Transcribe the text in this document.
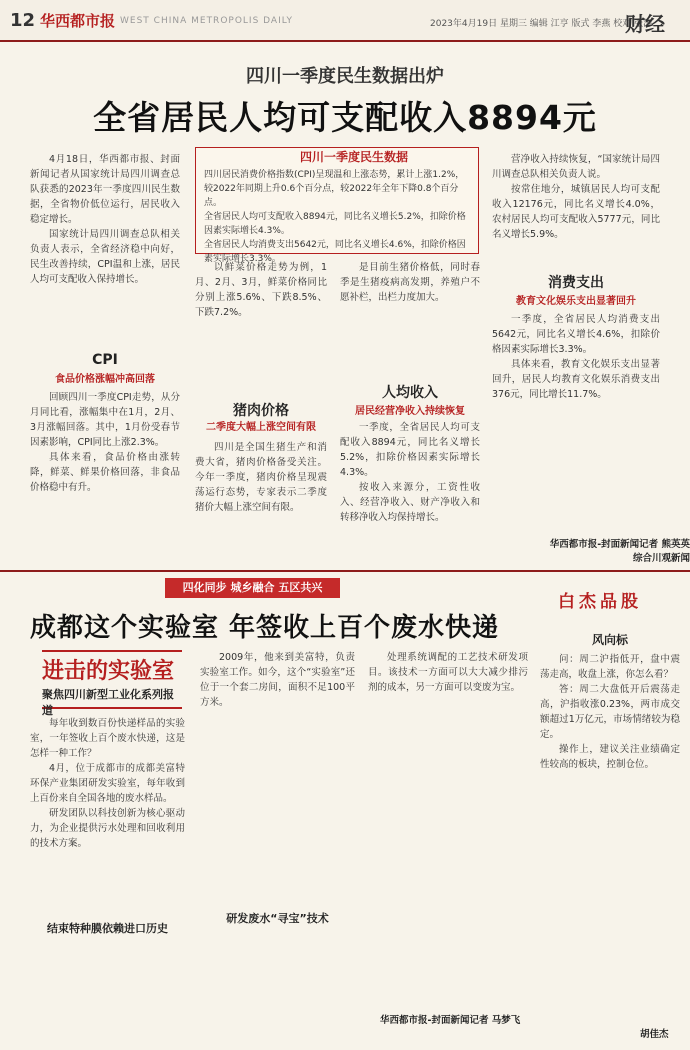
12 华西都市报 WEST CHINA METROPOLIS DAILY	2023年4月19日 星期三 编辑 江亨 版式 李燕 校对 张涛
财经
四川一季度民生数据出炉
全省居民人均可支配收入8894元

4月18日，华西都市报、封面新闻记者从国家统计局四川调查总队获悉的2023年一季度四川民生数据，全省物价低位运行，居民收入稳定增长。

国家统计局四川调查总队相关负责人表示，全省经济稳中向好，民生改善持续，CPI温和上涨，居民人均可支配收入保持增长。

四川一季度民生数据
四川居民消费价格指数(CPI)呈现温和上涨态势，累计上涨1.2%，较2022年同期上升0.6个百分点，较2022年全年下降0.8个百分点。
全省居民人均可支配收入8894元，同比名义增长5.2%，扣除价格因素实际增长4.3%。
全省居民人均消费支出5642元，同比名义增长4.6%，扣除价格因素实际增长3.3%。

营净收入持续恢复，“国家统计局四川调查总队相关负责人说。

按常住地分，城镇居民人均可支配收入12176元，同比名义增长4.0%，农村居民人均可支配收入5777元，同比名义增长5.9%。

CPI
食品价格涨幅冲高回落

回顾四川一季度CPI走势，从分月同比看，涨幅集中在1月，2月、3月涨幅回落。其中，1月份受春节因素影响，CPI同比上涨2.3%。

具体来看，食品价格由涨转降，鲜菜、鲜果价格回落，非食品价格稳中有升。

以鲜菜价格走势为例，1月、2月、3月，鲜菜价格同比分别上涨5.6%、下跌8.5%、下跌7.2%。

猪肉价格
二季度大幅上涨空间有限

四川是全国生猪生产和消费大省，猪肉价格备受关注。今年一季度，猪肉价格呈现震荡运行态势，专家表示二季度猪价大幅上涨空间有限。

是目前生猪价格低，同时春季是生猪疫病高发期，养殖户不愿补栏，出栏力度加大。

人均收入
居民经营净收入持续恢复

一季度，全省居民人均可支配收入8894元，同比名义增长5.2%，扣除价格因素实际增长4.3%。

按收入来源分，工资性收入、经营净收入、财产净收入和转移净收入均保持增长。

消费支出
教育文化娱乐支出显著回升

一季度，全省居民人均消费支出5642元，同比名义增长4.6%，扣除价格因素实际增长3.3%。

具体来看，教育文化娱乐支出显著回升，居民人均教育文化娱乐消费支出376元，同比增长11.7%。

华西都市报-封面新闻记者 熊英英
综合川观新闻
四化同步 城乡融合 五区共兴
成都这个实验室 年签收上百个废水快递
进击的实验室
聚焦四川新型工业化系列报道

每年收到数百份快递样品的实验室，一年签收上百个废水快递，这是怎样一种工作？

4月，位于成都市的成都美富特环保产业集团研发实验室，每年收到上百份来自全国各地的废水样品。

研发团队以科技创新为核心驱动力，为企业提供污水处理和回收利用的技术方案。

结束特种膜依赖进口历史

2009年，他来到美富特，负责实验室工作。如今，这个“实验室”还位于一个套二房间，面积不足100平方米。

研发废水“寻宝”技术

处理系统调配的工艺技术研发项目。该技术一方面可以大大减少排污剂的成本，另一方面可以变废为宝。

华西都市报-封面新闻记者 马梦飞
白杰品股
风向标

问：周二沪指低开，盘中震荡走高，收盘上涨，你怎么看？

答：周二大盘低开后震荡走高，沪指收涨0.23%，两市成交额超过1万亿元，市场情绪较为稳定。

操作上，建议关注业绩确定性较高的板块，控制仓位。

胡佳杰
